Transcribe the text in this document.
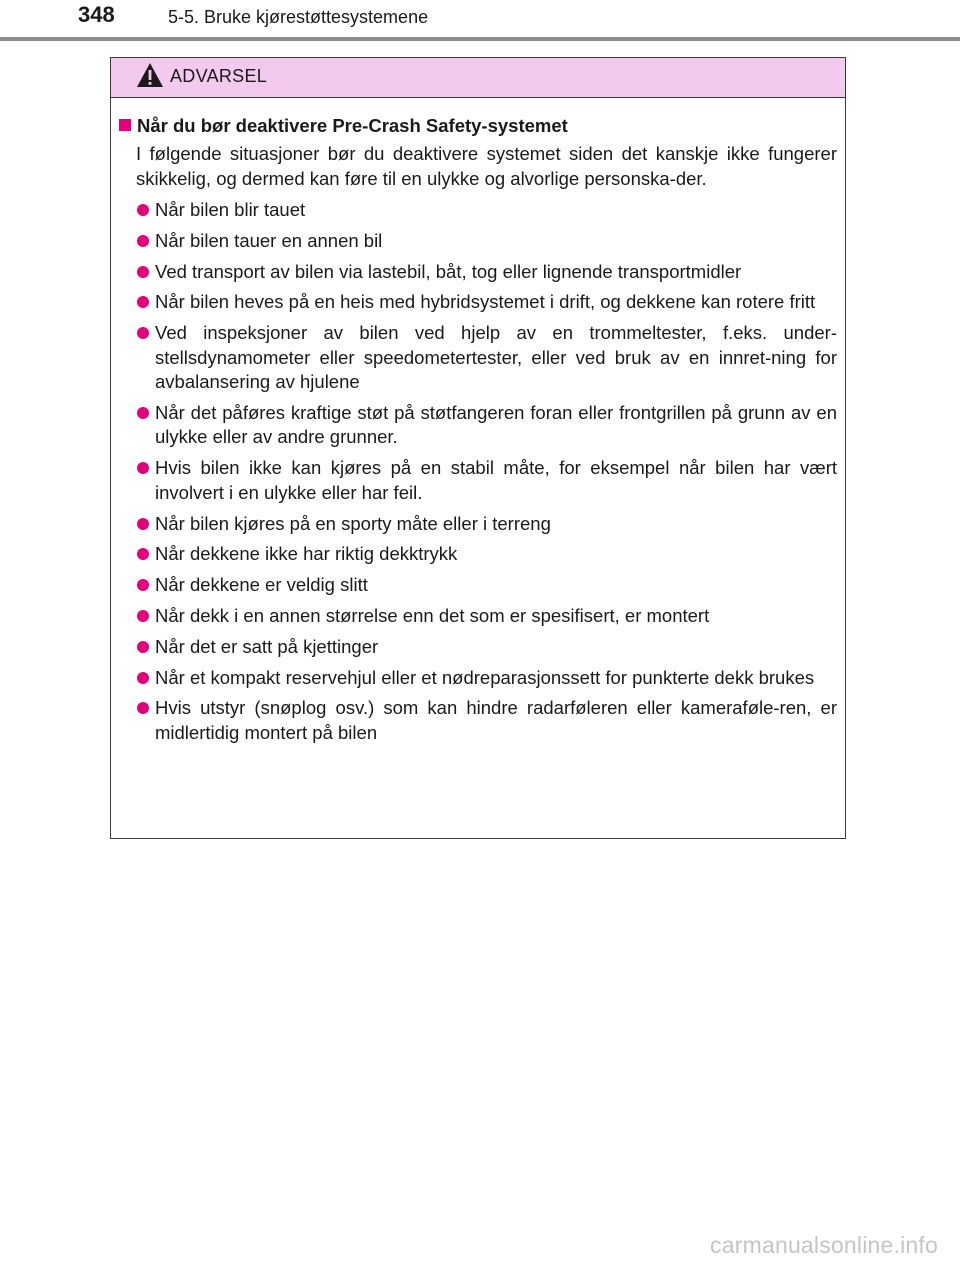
348	5-5. Bruke kjørestøttesystemene
ADVARSEL
Når du bør deaktivere Pre-Crash Safety-systemet

I følgende situasjoner bør du deaktivere systemet siden det kanskje ikke fungerer skikkelig, og dermed kan føre til en ulykke og alvorlige personska-der.

Når bilen blir tauet
Når bilen tauer en annen bil
Ved transport av bilen via lastebil, båt, tog eller lignende transportmidler
Når bilen heves på en heis med hybridsystemet i drift, og dekkene kan rotere fritt
Ved inspeksjoner av bilen ved hjelp av en trommeltester, f.eks. under-stellsdynamometer eller speedometertester, eller ved bruk av en innret-ning for avbalansering av hjulene
Når det påføres kraftige støt på støtfangeren foran eller frontgrillen på grunn av en ulykke eller av andre grunner.
Hvis bilen ikke kan kjøres på en stabil måte, for eksempel når bilen har vært involvert i en ulykke eller har feil.
Når bilen kjøres på en sporty måte eller i terreng
Når dekkene ikke har riktig dekktrykk
Når dekkene er veldig slitt
Når dekk i en annen størrelse enn det som er spesifisert, er montert
Når det er satt på kjettinger
Når et kompakt reservehjul eller et nødreparasjonssett for punkterte dekk brukes
Hvis utstyr (snøplog osv.) som kan hindre radarføleren eller kameraføle-ren, er midlertidig montert på bilen
carmanualsonline.info
